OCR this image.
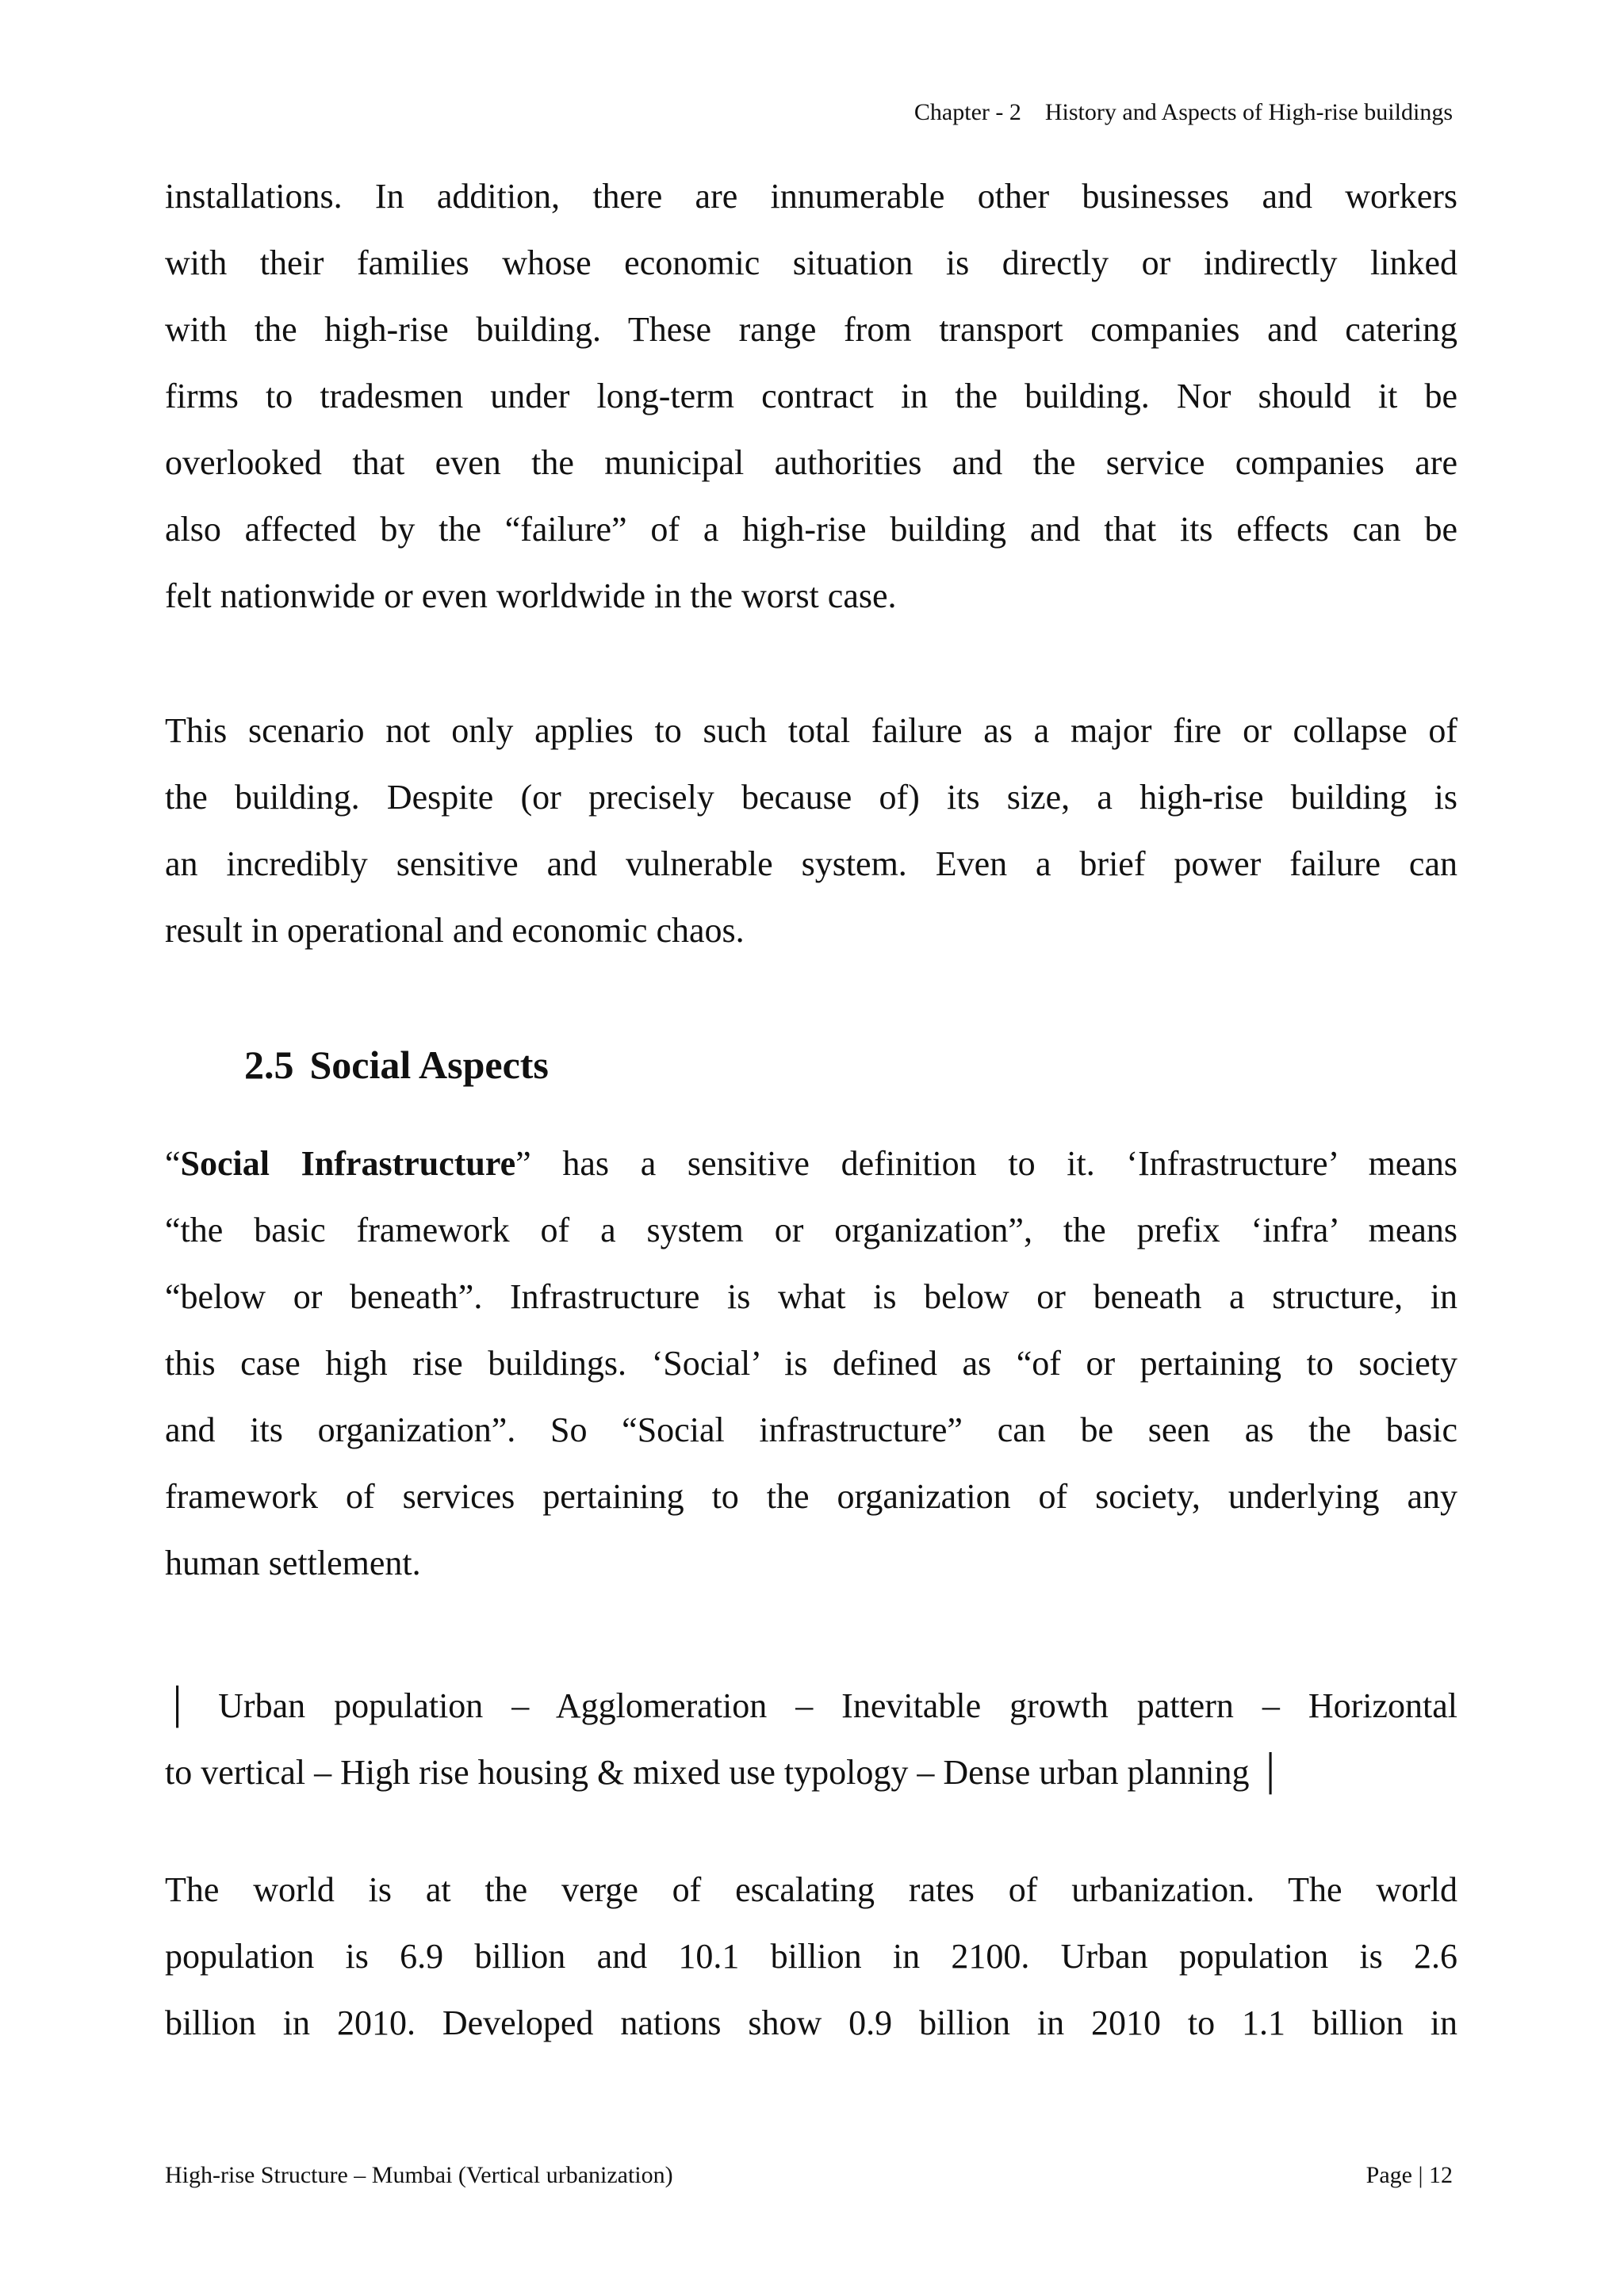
Chapter - 2 History and Aspects of High-rise buildings
installations. In addition, there are innumerable other businesses and workers
with their families whose economic situation is directly or indirectly linked
with the high-rise building. These range from transport companies and catering
firms to tradesmen under long-term contract in the building. Nor should it be
overlooked that even the municipal authorities and the service companies are
also affected by the “failure” of a high-rise building and that its effects can be
felt nationwide or even worldwide in the worst case.
This scenario not only applies to such total failure as a major fire or collapse of
the building. Despite (or precisely because of) its size, a high-rise building is
an incredibly sensitive and vulnerable system. Even a brief power failure can
result in operational and economic chaos.
2.5 Social Aspects
“Social Infrastructure” has a sensitive definition to it. ‘Infrastructure’ means
“the basic framework of a system or organization”, the prefix ‘infra’ means
“below or beneath”. Infrastructure is what is below or beneath a structure, in
this case high rise buildings. ‘Social’ is defined as “of or pertaining to society
and its organization”. So “Social infrastructure” can be seen as the basic
framework of services pertaining to the organization of society, underlying any
human settlement.
│ Urban population – Agglomeration – Inevitable growth pattern – Horizontal
to vertical – High rise housing & mixed use typology – Dense urban planning │
The world is at the verge of escalating rates of urbanization. The world
population is 6.9 billion and 10.1 billion in 2100. Urban population is 2.6
billion in 2010. Developed nations show 0.9 billion in 2010 to 1.1 billion in
High-rise Structure – Mumbai (Vertical urbanization)	Page | 12
